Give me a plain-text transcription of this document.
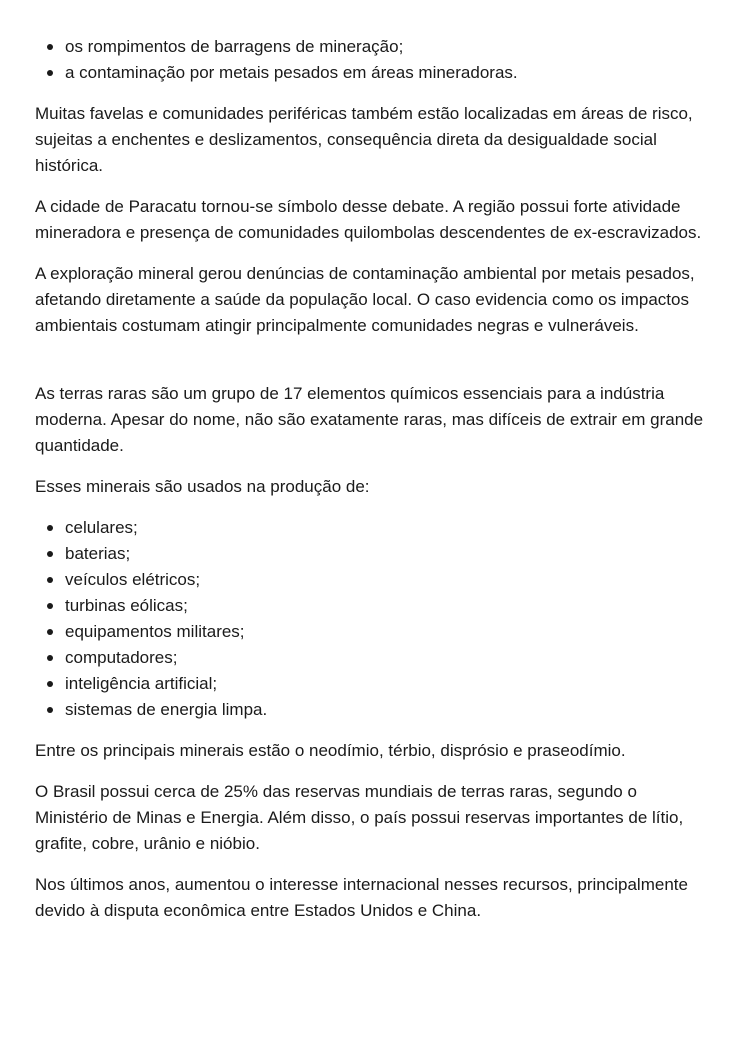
os rompimentos de barragens de mineração;
a contaminação por metais pesados em áreas mineradoras.

Muitas favelas e comunidades periféricas também estão localizadas em áreas de risco, sujeitas a enchentes e deslizamentos, consequência direta da desigualdade social histórica.

A cidade de Paracatu tornou-se símbolo desse debate. A região possui forte atividade mineradora e presença de comunidades quilombolas descendentes de ex-escravizados.

A exploração mineral gerou denúncias de contaminação ambiental por metais pesados, afetando diretamente a saúde da população local. O caso evidencia como os impactos ambientais costumam atingir principalmente comunidades negras e vulneráveis.

As terras raras são um grupo de 17 elementos químicos essenciais para a indústria moderna. Apesar do nome, não são exatamente raras, mas difíceis de extrair em grande quantidade.

Esses minerais são usados na produção de:

celulares;
baterias;
veículos elétricos;
turbinas eólicas;
equipamentos militares;
computadores;
inteligência artificial;
sistemas de energia limpa.

Entre os principais minerais estão o neodímio, térbio, disprósio e praseodímio.

O Brasil possui cerca de 25% das reservas mundiais de terras raras, segundo o Ministério de Minas e Energia. Além disso, o país possui reservas importantes de lítio, grafite, cobre, urânio e nióbio.

Nos últimos anos, aumentou o interesse internacional nesses recursos, principalmente devido à disputa econômica entre Estados Unidos e China.
